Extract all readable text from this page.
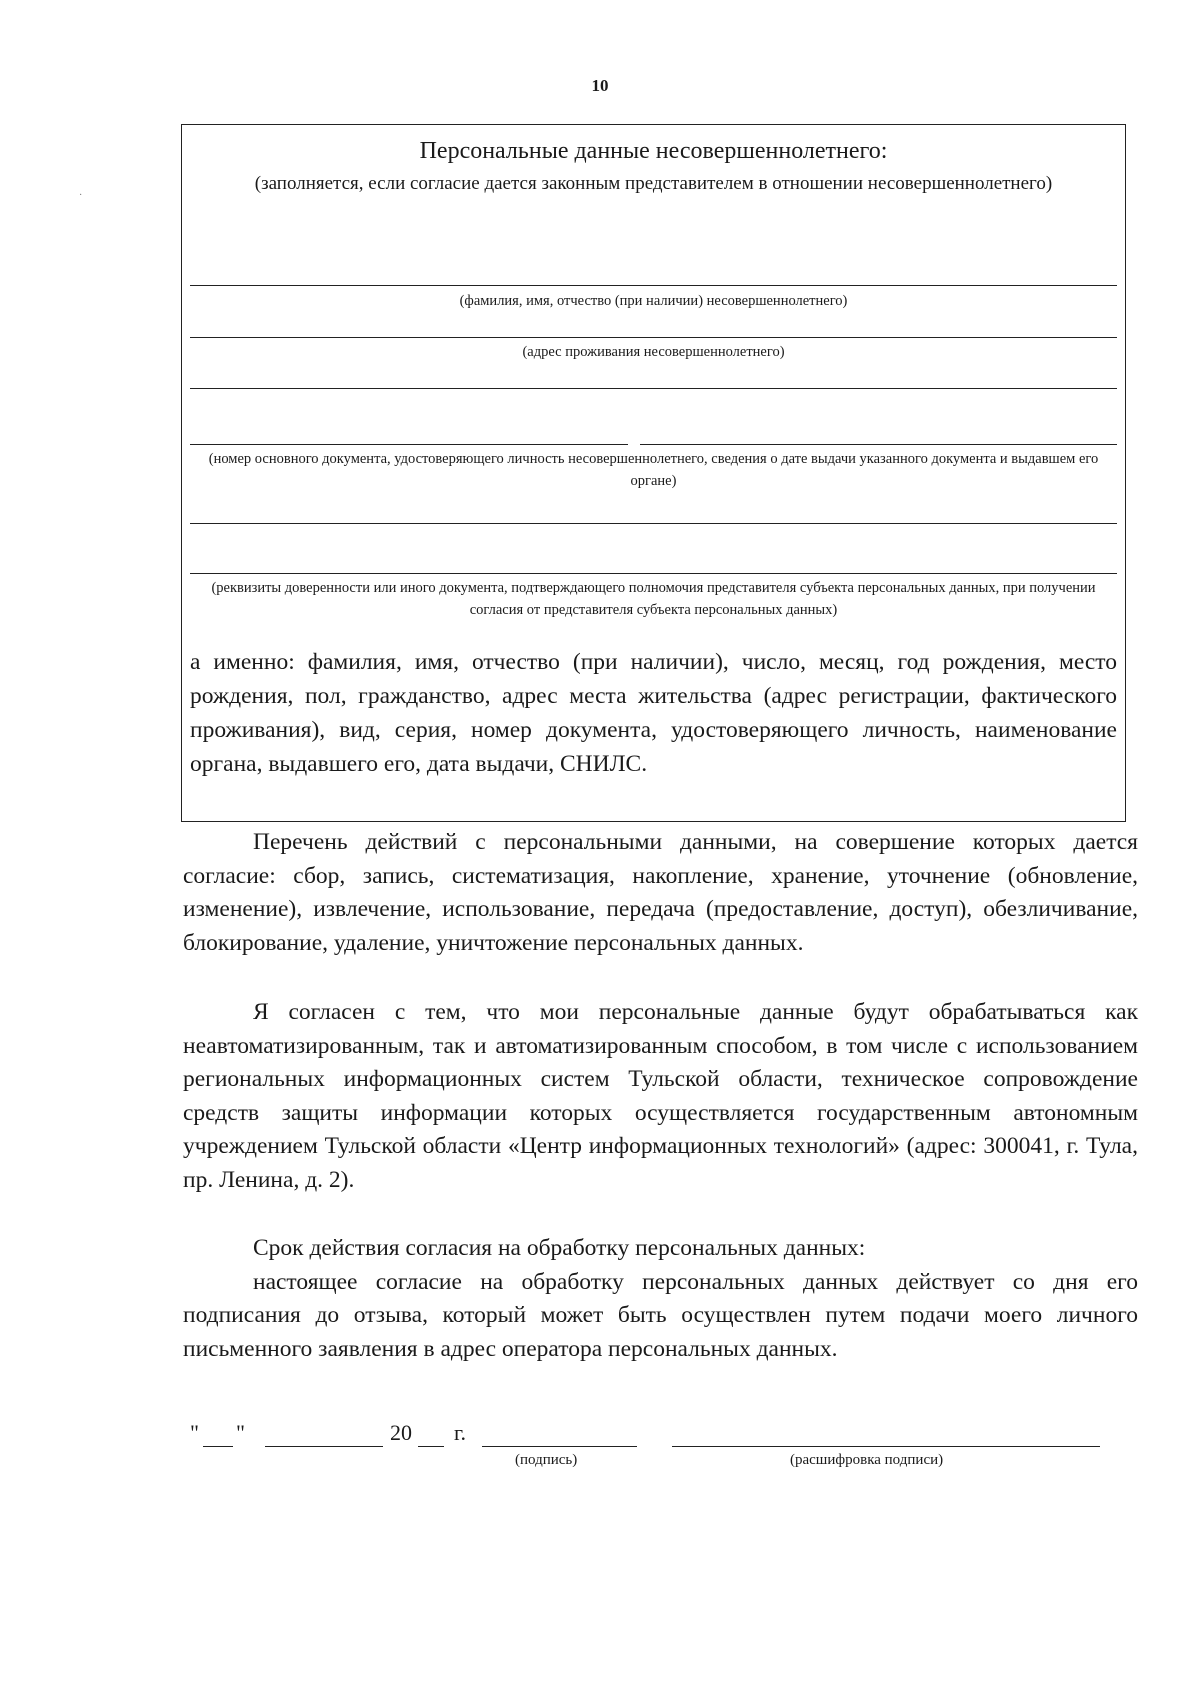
10
·
Персональные данные несовершеннолетнего:
(заполняется, если согласие дается законным представителем в отношении несовершеннолетнего)
(фамилия, имя, отчество (при наличии) несовершеннолетнего)
(адрес проживания несовершеннолетнего)
(номер основного документа, удостоверяющего личность несовершеннолетнего, сведения о дате выдачи указанного документа и выдавшем его органе)
(реквизиты доверенности или иного документа, подтверждающего полномочия представителя субъекта персональных данных, при получении согласия от представителя субъекта персональных данных)
а именно: фамилия, имя, отчество (при наличии), число, месяц, год рождения, место рождения, пол, гражданство, адрес места жительства (адрес регистрации, фактического проживания), вид, серия, номер документа, удостоверяющего личность, наименование органа, выдавшего его, дата выдачи, СНИЛС.

Перечень действий с персональными данными, на совершение которых дается согласие: сбор, запись, систематизация, накопление, хранение, уточнение (обновление, изменение), извлечение, использование, передача (предоставление, доступ), обезличивание, блокирование, удаление, уничтожение персональных данных.

Я согласен с тем, что мои персональные данные будут обрабатываться как неавтоматизированным, так и автоматизированным способом, в том числе с использованием региональных информационных систем Тульской области, техническое сопровождение средств защиты информации которых осуществляется государственным автономным учреждением Тульской области «Центр информационных технологий» (адрес: 300041, г. Тула, пр. Ленина, д. 2).

Срок действия согласия на обработку персональных данных:

настоящее согласие на обработку персональных данных действует со дня его подписания до отзыва, который может быть осуществлен путем подачи моего личного письменного заявления в адрес оператора персональных данных.

" "	20 г.
(подпись)	(расшифровка подписи)
